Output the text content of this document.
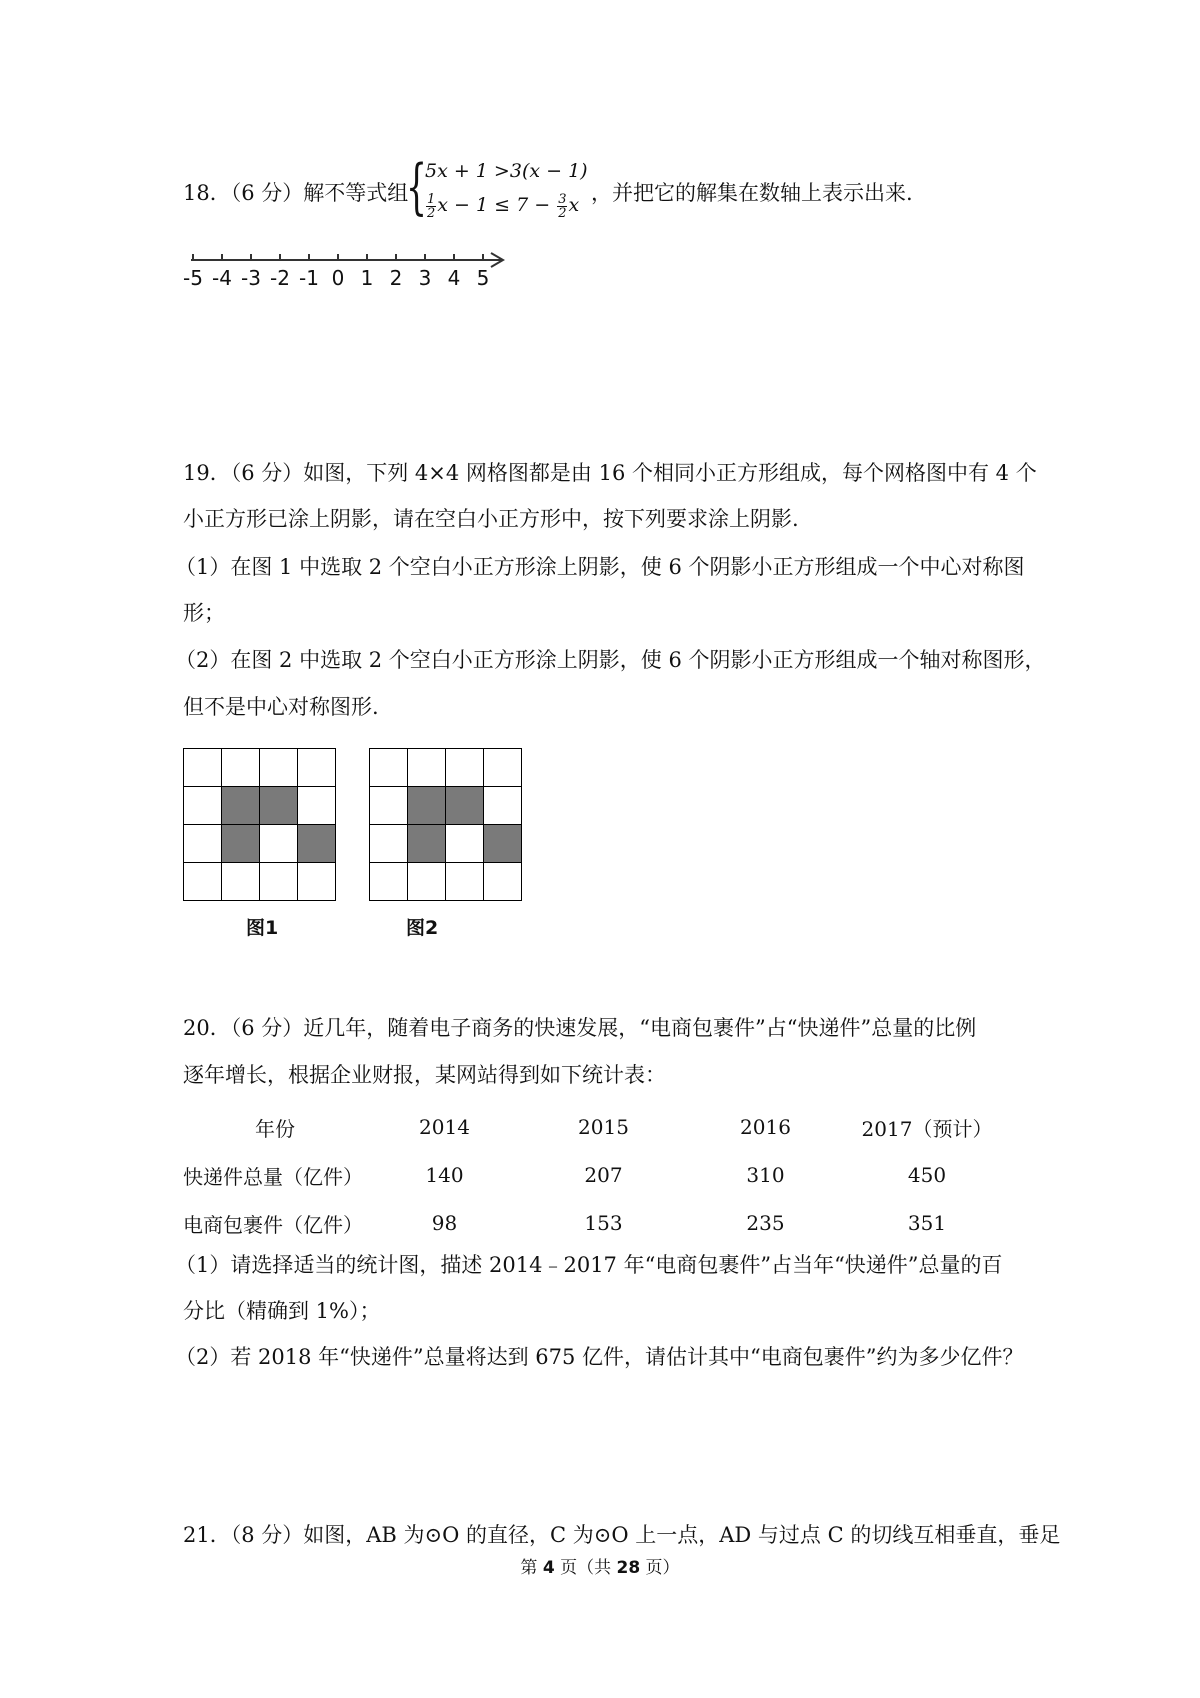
18．（6 分）解不等式组
{
5x + 1 >3(x − 1)
$\frac{1}{2}$ $x - 1 \le 7 - \frac{3}{2}$ x ，并把它的解集在数轴上表示出来.
-5 -4 -3 -2 -1 0 1 2 3 4 5
19．（6 分）如图，下列 4×4 网格图都是由 16 个相同小正方形组成，每个网格图中有 4 个
小正方形已涂上阴影，请在空白小正方形中，按下列要求涂上阴影.
（1）在图 1 中选取 2 个空白小正方形涂上阴影，使 6 个阴影小正方形组成一个中心对称图
形；
（2）在图 2 中选取 2 个空白小正方形涂上阴影，使 6 个阴影小正方形组成一个轴对称图形，
但不是中心对称图形.
图1	图2
20．（6 分）近几年，随着电子商务的快速发展，“电商包裹件”占“快递件”总量的比例
逐年增长，根据企业财报，某网站得到如下统计表：
年份	2014	2015	2016	2017（预计）
快递件总量（亿件）	140	207	310	450
电商包裹件（亿件）	98	153	235	351
（1）请选择适当的统计图，描述 2014﹣2017 年“电商包裹件”占当年“快递件”总量的百
分比（精确到 1%）；
（2）若 2018 年“快递件”总量将达到 675 亿件，请估计其中“电商包裹件”约为多少亿件？
21．（8 分）如图，AB 为⊙O 的直径，C 为⊙O 上一点，AD 与过点 C 的切线互相垂直，垂足
第 4 页（共 28 页）
